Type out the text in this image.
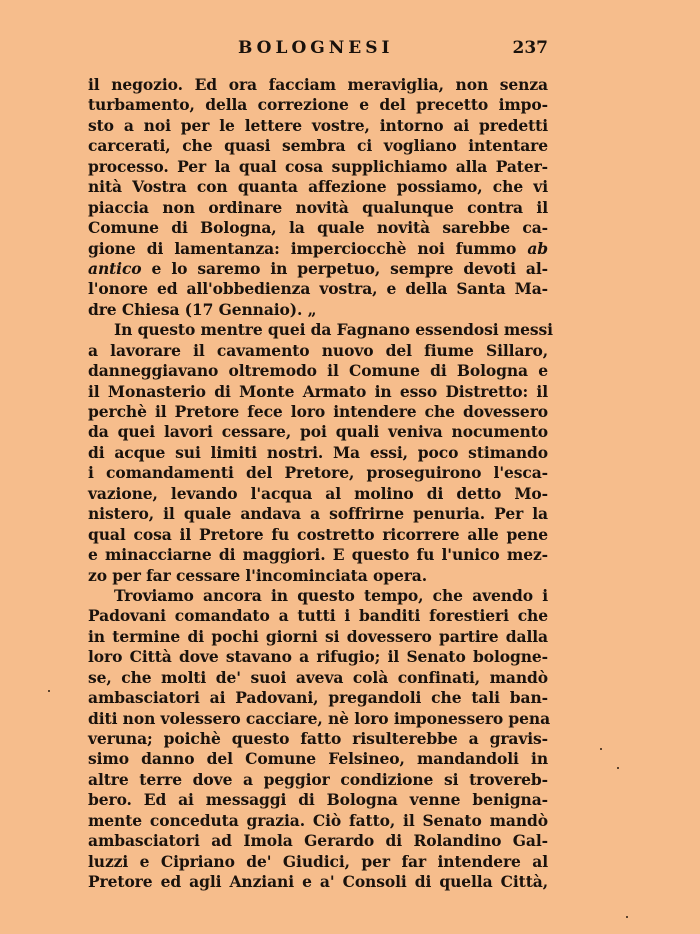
BOLOGNESI	237
il negozio. Ed ora facciam meraviglia, non senza
turbamento, della correzione e del precetto impo-
sto a noi per le lettere vostre, intorno ai predetti
carcerati, che quasi sembra ci vogliano intentare
processo. Per la qual cosa supplichiamo alla Pater-
nità Vostra con quanta affezione possiamo, che vi
piaccia non ordinare novità qualunque contra il
Comune di Bologna, la quale novità sarebbe ca-
gione di lamentanza: imperciocchè noi fummo ab
antico e lo saremo in perpetuo, sempre devoti al-
l'onore ed all'obbedienza vostra, e della Santa Ma-
dre Chiesa (17 Gennaio). „
In questo mentre quei da Fagnano essendosi messi
a lavorare il cavamento nuovo del fiume Sillaro,
danneggiavano oltremodo il Comune di Bologna e
il Monasterio di Monte Armato in esso Distretto: il
perchè il Pretore fece loro intendere che dovessero
da quei lavori cessare, poi quali veniva nocumento
di acque sui limiti nostri. Ma essi, poco stimando
i comandamenti del Pretore, proseguirono l'esca-
vazione, levando l'acqua al molino di detto Mo-
nistero, il quale andava a soffrirne penuria. Per la
qual cosa il Pretore fu costretto ricorrere alle pene
e minacciarne di maggiori. E questo fu l'unico mez-
zo per far cessare l'incominciata opera.
Troviamo ancora in questo tempo, che avendo i
Padovani comandato a tutti i banditi forestieri che
in termine di pochi giorni si dovessero partire dalla
loro Città dove stavano a rifugio; il Senato bologne-
se, che molti de' suoi aveva colà confinati, mandò
ambasciatori ai Padovani, pregandoli che tali ban-
diti non volessero cacciare, nè loro imponessero pena
veruna; poichè questo fatto risulterebbe a gravis-
simo danno del Comune Felsineo, mandandoli in
altre terre dove a peggior condizione si trovereb-
bero. Ed ai messaggi di Bologna venne benigna-
mente conceduta grazia. Ciò fatto, il Senato mandò
ambasciatori ad Imola Gerardo di Rolandino Gal-
luzzi e Cipriano de' Giudici, per far intendere al
Pretore ed agli Anziani e a' Consoli di quella Città,
